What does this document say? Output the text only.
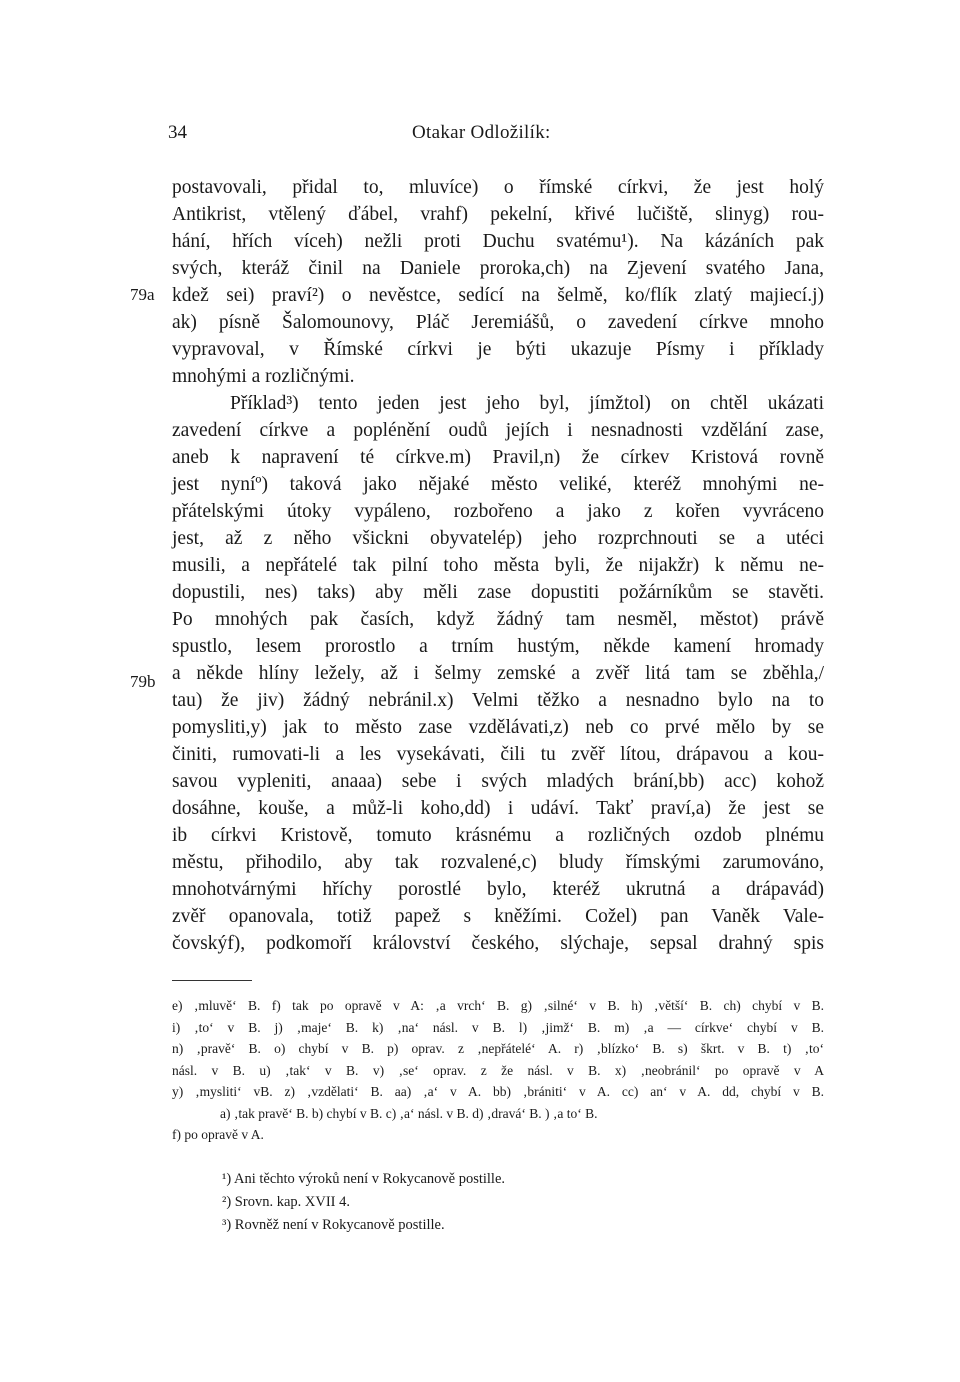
34	Otakar Odložilík:
79a
79b
postavovali, přidal to, mluvíce) o římské církvi, že jest holý
Antikrist, vtělený ďábel, vrahf) pekelní, křivé lučiště, slinyg) rou-
hání, hřích víceh) nežli proti Duchu svatému¹). Na kázáních pak
svých, kteráž činil na Daniele proroka,ch) na Zjevení svatého Jana,
kdež sei) praví²) o nevěstce, sedící na šelmě, ko/flík zlatý majiecí.j)
ak) písně Šalomounovy, Pláč Jeremiášů, o zavedení církve mnoho
vypravoval, v Římské církvi je býti ukazuje Písmy i příklady
mnohými a rozličnými.
Příklad³) tento jeden jest jeho byl, jímžtol) on chtěl ukázati
zavedení církve a poplénění oudů jejích i nesnadnosti vzdělání zase,
aneb k napravení té církve.m) Pravil,n) že církev Kristová rovně
jest nyníº) taková jako nějaké město veliké, kteréž mnohými ne-
přátelskými útoky vypáleno, rozbořeno a jako z kořen vyvráceno
jest, až z něho všickni obyvatelép) jeho rozprchnouti se a utéci
musili, a nepřátelé tak pilní toho města byli, že nijakžr) k němu ne-
dopustili, nes) taks) aby měli zase dopustiti požárníkům se stavěti.
Po mnohých pak časích, když žádný tam nesměl, městot) právě
spustlo, lesem prorostlo a trním hustým, někde kamení hromady
a někde hlíny ležely, až i šelmy zemské a zvěř litá tam se zběhla,/
tau) že jiv) žádný nebránil.x) Velmi těžko a nesnadno bylo na to
pomysliti,y) jak to město zase vzdělávati,z) neb co prvé mělo by se
činiti, rumovati-li a les vysekávati, čili tu zvěř lítou, drápavou a kou-
savou vypleniti, anaaa) sebe i svých mladých brání,bb) acc) kohož
dosáhne, kouše, a můž-li koho,dd) i udáví. Takť praví,a) že jest se
ib církvi Kristově, tomuto krásnému a rozličných ozdob plnému
městu, přihodilo, aby tak rozvalené,c) bludy římskými zarumováno,
mnohotvárnými hříchy porostlé bylo, kteréž ukrutná a drápavád)
zvěř opanovala, totiž papež s kněžími. Cožel) pan Vaněk Vale-
čovskýf), podkomoří království českého, slýchaje, sepsal drahný spis
e) ‚mluvě‘ B. f) tak po opravě v A: ‚a vrch‘ B. g) ‚silné‘ v B. h) ‚větší‘ B. ch) chybí v B.
i) ‚to‘ v B. j) ‚maje‘ B. k) ‚na‘ násl. v B. l) ‚jimž‘ B. m) ‚a — církve‘ chybí v B.
n) ‚pravě‘ B. o) chybí v B. p) oprav. z ‚nepřátelé‘ A. r) ‚blízko‘ B. s) škrt. v B. t) ‚to‘
násl. v B. u) ‚tak‘ v B. v) ‚se‘ oprav. z že násl. v B. x) ‚neobránil‘ po opravě v A
y) ‚mysliti‘ vB. z) ‚vzdělati‘ B. aa) ‚a‘ v A. bb) ‚brániti‘ v A. cc) an‘ v A. dd, chybí v B.
a) ‚tak pravě‘ B. b) chybí v B. c) ‚a‘ násl. v B. d) ‚dravá‘ B. ) ‚a to‘ B.
f) po opravě v A.
¹) Ani těchto výroků není v Rokycanově postille.
²) Srovn. kap. XVII 4.
³) Rovněž není v Rokycanově postille.
